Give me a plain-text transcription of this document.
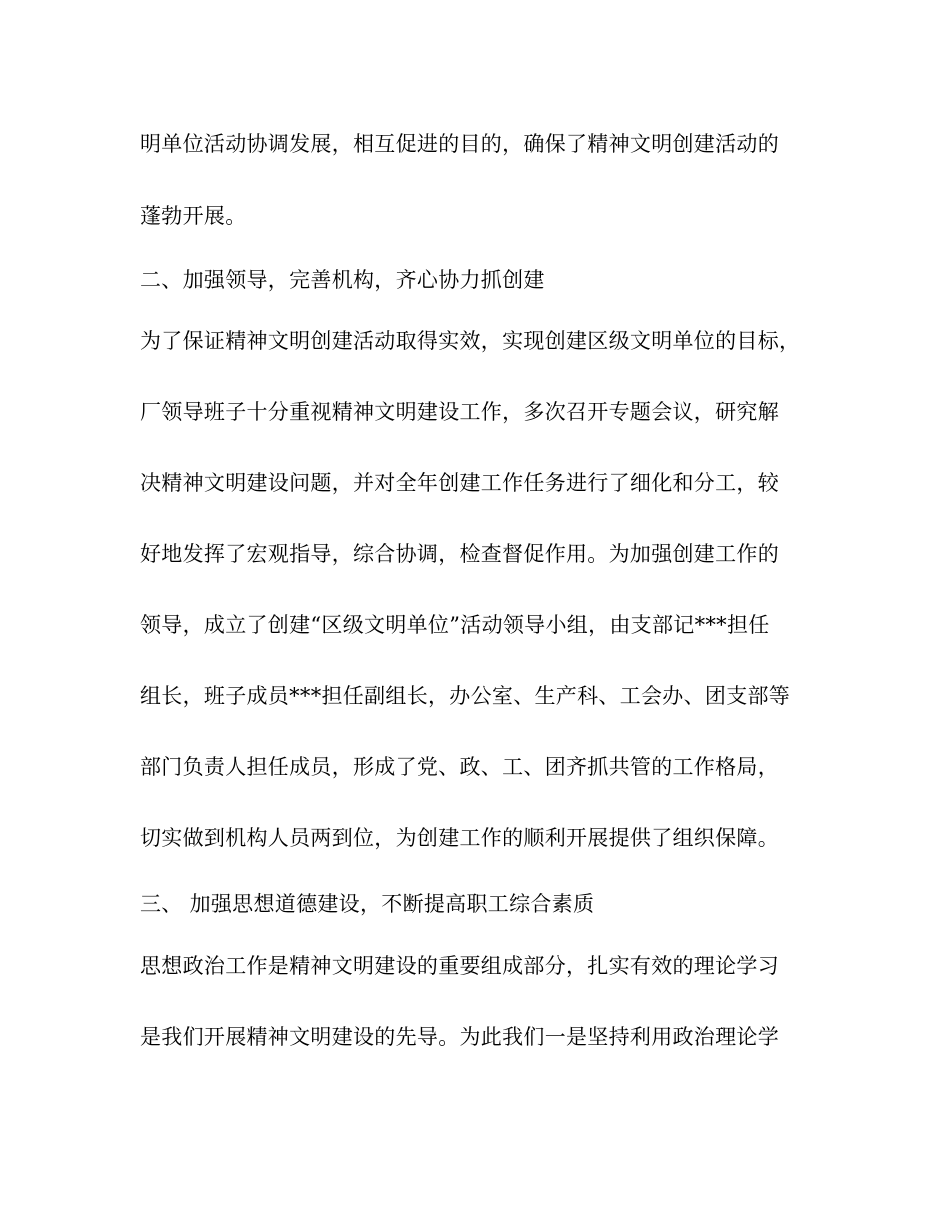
明单位活动协调发展，相互促进的目的，确保了精神文明创建活动的
蓬勃开展。
二、加强领导，完善机构，齐心协力抓创建
为了保证精神文明创建活动取得实效，实现创建区级文明单位的目标，
厂领导班子十分重视精神文明建设工作，多次召开专题会议，研究解
决精神文明建设问题，并对全年创建工作任务进行了细化和分工，较
好地发挥了宏观指导，综合协调，检查督促作用。为加强创建工作的
领导，成立了创建“区级文明单位”活动领导小组，由支部记***担任
组长，班子成员***担任副组长，办公室、生产科、工会办、团支部等
部门负责人担任成员，形成了党、政、工、团齐抓共管的工作格局，
切实做到机构人员两到位，为创建工作的顺利开展提供了组织保障。
三、 加强思想道德建设，不断提高职工综合素质
思想政治工作是精神文明建设的重要组成部分，扎实有效的理论学习
是我们开展精神文明建设的先导。为此我们一是坚持利用政治理论学
